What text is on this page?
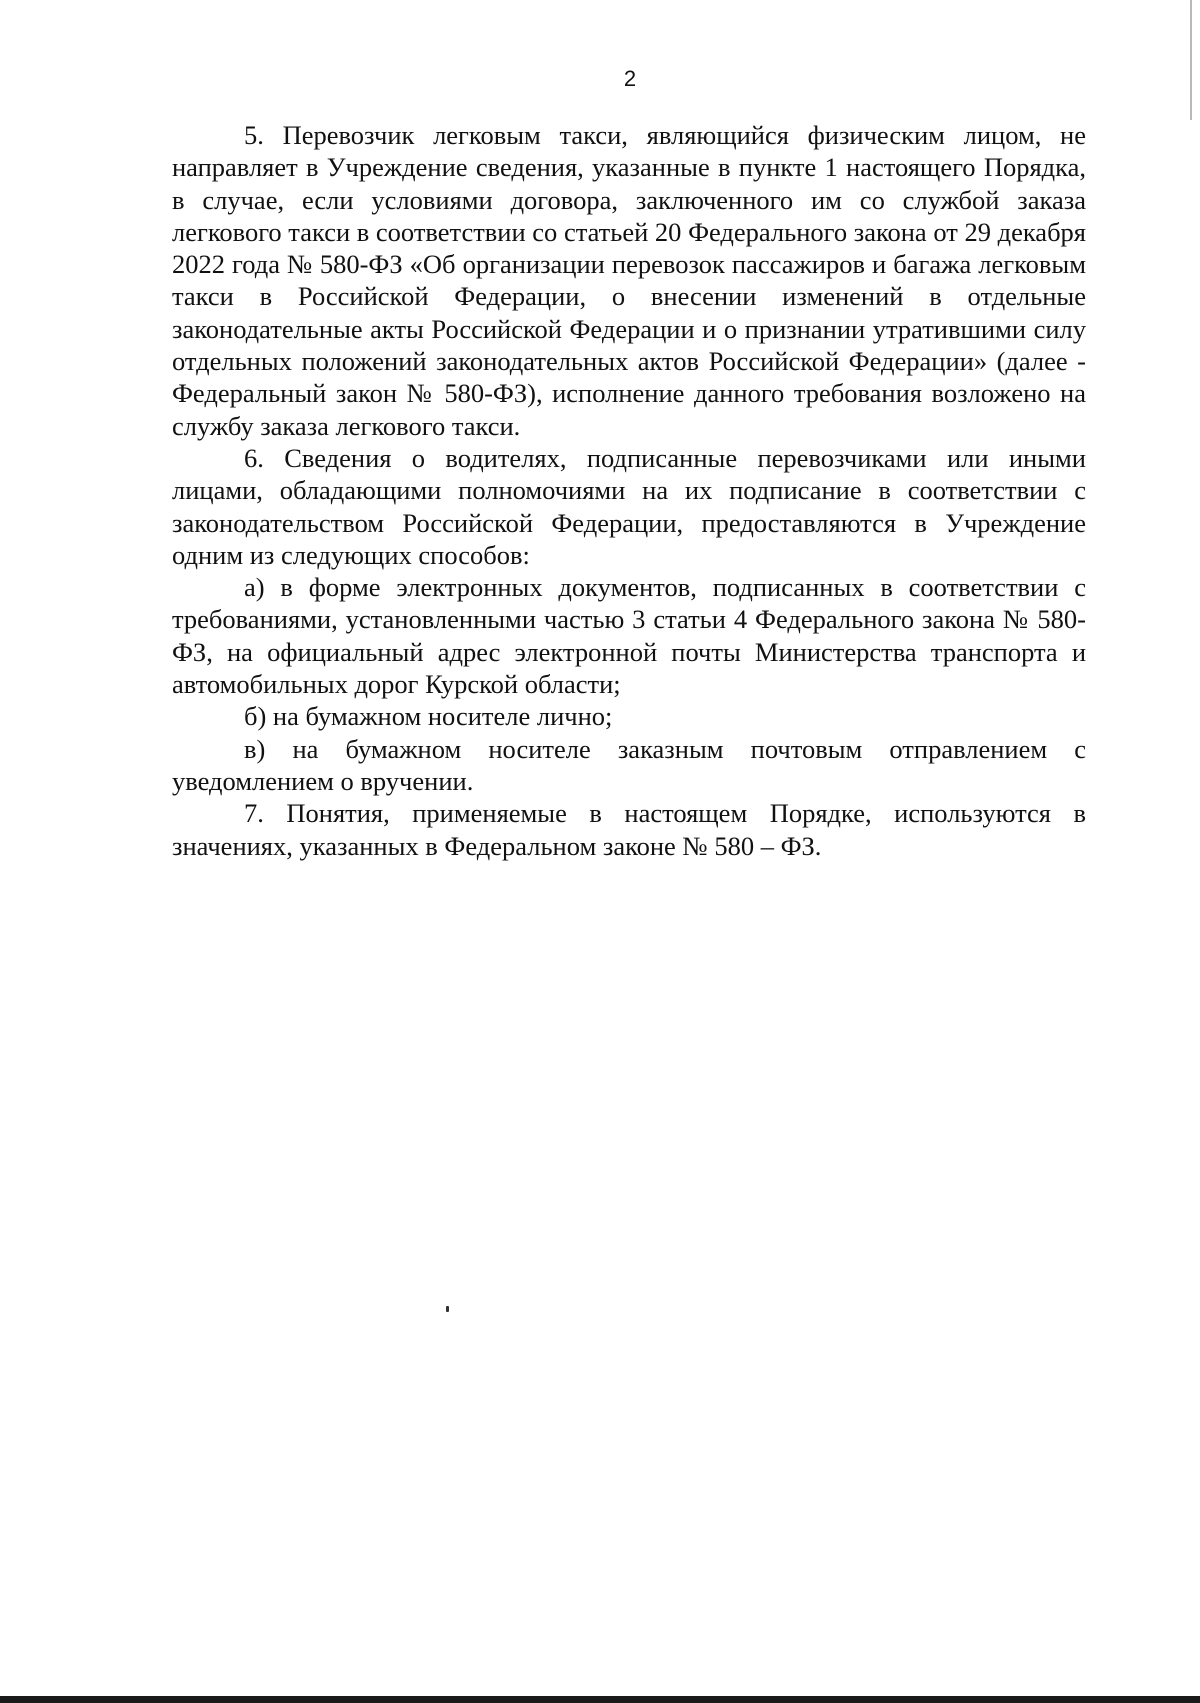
2

5. Перевозчик легковым такси, являющийся физическим лицом, не направляет в Учреждение сведения, указанные в пункте 1 настоящего Порядка, в случае, если условиями договора, заключенного им со службой заказа легкового такси в соответствии со статьей 20 Федерального закона от 29 декабря 2022 года № 580-ФЗ «Об организации перевозок пассажиров и багажа легковым такси в Российской Федерации, о внесении изменений в отдельные законодательные акты Российской Федерации и о признании утратившими силу отдельных положений законодательных актов Российской Федерации» (далее - Федеральный закон № 580-ФЗ), исполнение данного требования возложено на службу заказа легкового такси.

6. Сведения о водителях, подписанные перевозчиками или иными лицами, обладающими полномочиями на их подписание в соответствии с законодательством Российской Федерации, предоставляются в Учреждение одним из следующих способов:

а) в форме электронных документов, подписанных в соответствии с требованиями, установленными частью 3 статьи 4 Федерального закона № 580-ФЗ, на официальный адрес электронной почты Министерства транспорта и автомобильных дорог Курской области;

б) на бумажном носителе лично;

в) на бумажном носителе заказным почтовым отправлением с уведомлением о вручении.

7. Понятия, применяемые в настоящем Порядке, используются в значениях, указанных в Федеральном законе № 580 – ФЗ.
